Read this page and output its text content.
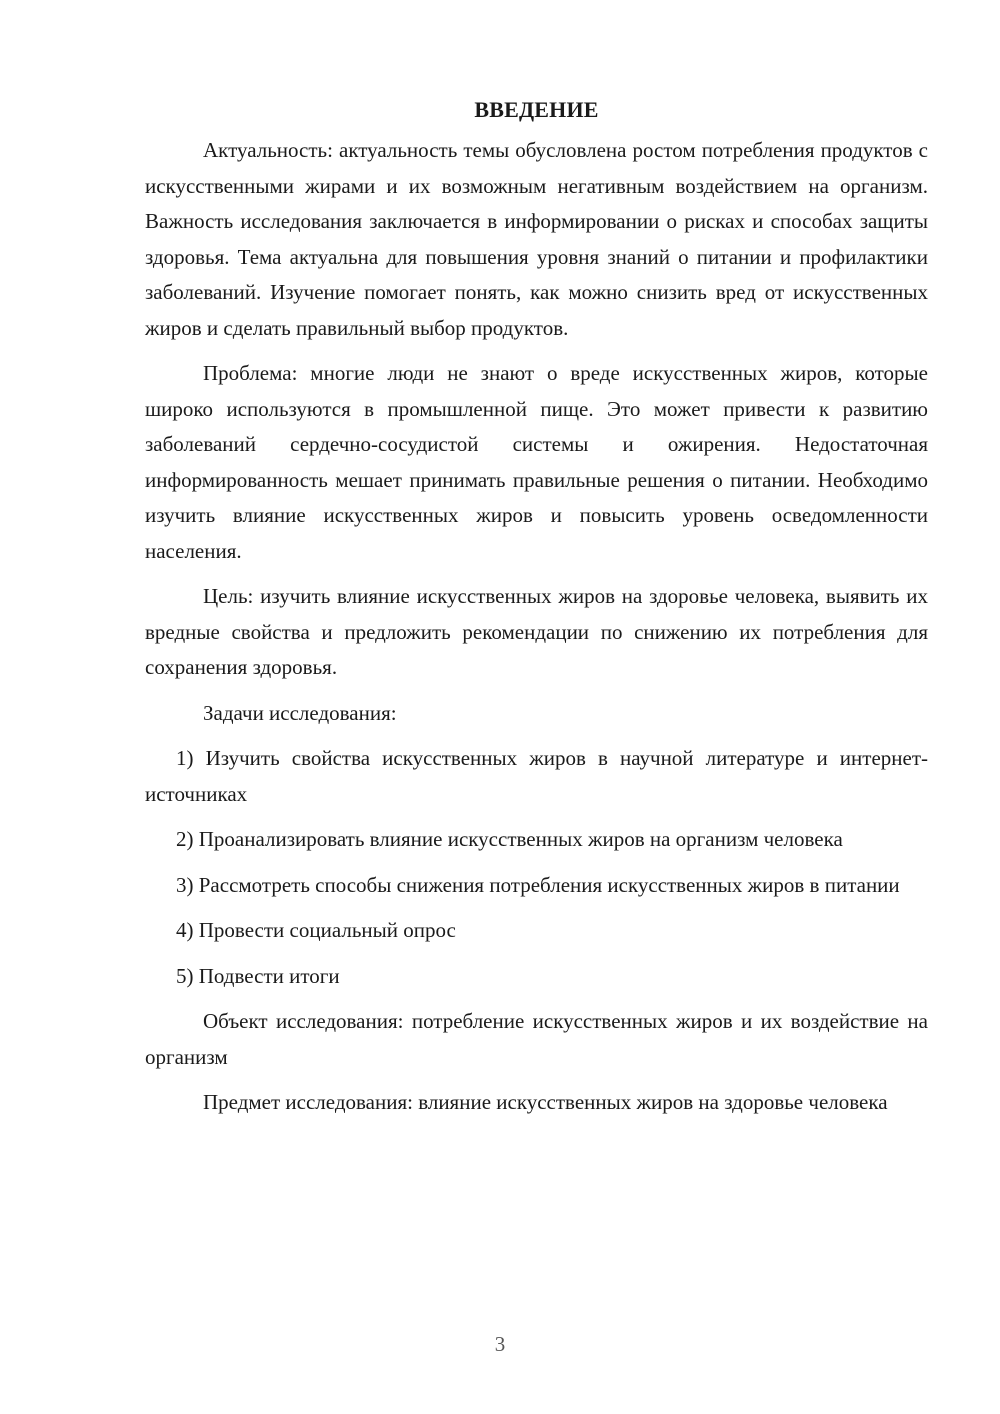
ВВЕДЕНИЕ

Актуальность: актуальность темы обусловлена ростом потребления продуктов с искусственными жирами и их возможным негативным воздействием на организм. Важность исследования заключается в информировании о рисках и способах защиты здоровья. Тема актуальна для повышения уровня знаний о питании и профилактики заболеваний. Изучение помогает понять, как можно снизить вред от искусственных жиров и сделать правильный выбор продуктов.

Проблема: многие люди не знают о вреде искусственных жиров, которые широко используются в промышленной пище. Это может привести к развитию заболеваний сердечно-сосудистой системы и ожирения. Недостаточная информированность мешает принимать правильные решения о питании. Необходимо изучить влияние искусственных жиров и повысить уровень осведомленности населения.

Цель: изучить влияние искусственных жиров на здоровье человека, выявить их вредные свойства и предложить рекомендации по снижению их потребления для сохранения здоровья.

Задачи исследования:

1) Изучить свойства искусственных жиров в научной литературе и интернет-источниках

2) Проанализировать влияние искусственных жиров на организм человека

3) Рассмотреть способы снижения потребления искусственных жиров в питании

4) Провести социальный опрос

5) Подвести итоги

Объект исследования: потребление искусственных жиров и их воздействие на организм

Предмет исследования: влияние искусственных жиров на здоровье человека

3
